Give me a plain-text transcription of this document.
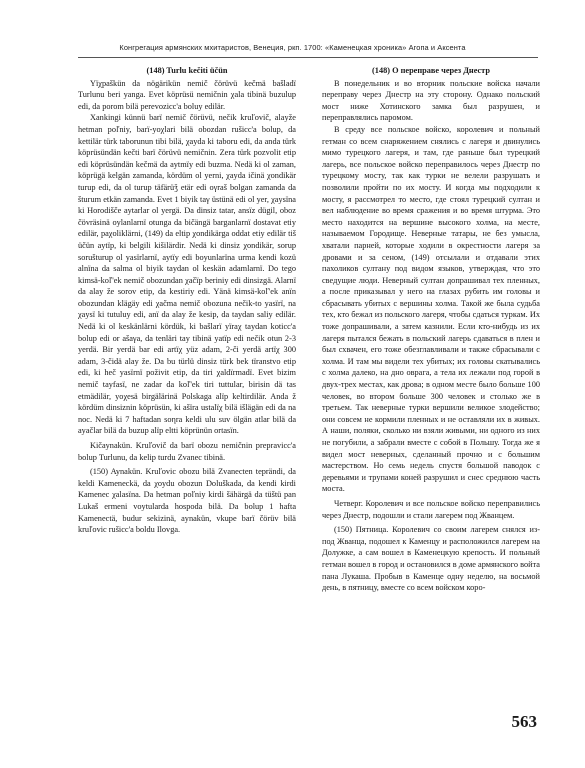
Конгрегация армянских мхитаристов, Венеция, ркп. 1700: «Каменецкая хроника» Агопа и Аксента

(148) Turlu kečiti üčün

Yïχpaškün da nögärikün nemič čörüvü kečmä bašladï Turlunu beri yanga. Evet köprüsü nemičnin χala tibinä buzulup edi, da porom bilä perevozicc'a boluy edilär.

Χankingi künnü barï nemič čörüvü, nečik kruľovič, alayže hetman poľniy, barï-yoχlari bilä obozdan rušicc'a bolup, da kettilär türk taborunun tibi bilä, χayda ki taboru edi, da anda türk köprüsündän kečti barï čörüvü nemičnin. Zera türk pozvolit etip edi köprüsündän kečmä da aytmïy edi buzma. Nedä ki ol zaman, köprügä kelgän zamanda, kördüm ol yerni, χayda ičinä χondikär turup edi, da ol turup täfärüǯ etär edi oγraš bolgan zamanda da šturum etkän zamanda. Evet 1 biyik taγ üstünä edi ol yer, χaysïna ki Horodišče aytarlar ol yergä. Da dinsiz tatar, ansïz dügil, oboz čövräsinä oylanlarnï otunga da bičängä barganlarnï dostavat etiy edilär, paχoliklärni, (149) da eltip χondikärga oddat etiy edilär tiš üčün aytïp, ki belgili kišilärdir. Nedä ki dinsiz χondikär, sorup sorušturup ol yasïrlarnï, aytïy edi boyunlarïna urma kendi kozü alnïna da salma ol biyik taydan ol keskän adamlarnï. Do tego kimsä-koľ'ek nemič obozundan χačïp beriniy edi dinsizgä. Alarnï da alay že sorov etip, da kestiriy edi. Yänä kimsä-koľ'ek anïn obozundan klägäy edi χačma nemič obozuna nečik-to yasïrï, na χaysï ki tutuluy edi, anï da alay že kesip, da taydan saliy edilär. Nedä ki ol keskänlärni kördük, ki bašlarï yïraχ taydan kotiсс'a bolup edi or ašaγa, da tenläri tay tibinä yatïp edi nečik otun 2-3 yerdä. Bir yerdä bar edi artïχ yüz adam, 2-či yerdä artïχ 300 adam, 3-čidä alay že. Da bu türlü dinsiz türk bek tïranstvo etip edi, ki heč yasïrnï poživit etip, da tiri χaldïrmadï. Evet bizim nemič tayfasï, ne zadar da koľ'ek tiri tuttular, birisin dä tas etmädilär, yoχesä birgälärinä Polskaga alïp keltirdilär. Anda ž kördüm dinsiznin köprüsün, ki ašïra ustalïχ bilä išlägän edi da na noc. Nedä ki 7 haftadan soηra keldi ulu suv ölgän atlar bilä da ayačlar bilä da buzup alïp eltti köprünün ortasïn.

Kičaynakün. Kruľovič da barï obozu nemičnin prepravicc'a bolup Turlunu, da kelip turdu Zvanec tibinä.

(150) Aynakün. Kruľovic obozu bilä Zvanecten teprändi, da keldi Kameneckä, da χoydu obozun Doluškada, da kendi kirdi Kamenec χalasïna. Da hetman poľniy kirdi šähärgä da tüštü pan Lukaš ermeni voytularda hospoda bilä. Da bolup 1 hafta Kameneсtä, budur sekizinä, aynakün, vkupe barï čörüv bilä kruľovic rušicc'a boldu Ilovga.

(148) О переправе через Днестр

В понедельник и во вторник польские войска начали переправу через Днестр на эту сторону. Однако польский мост ниже Хотинского замка был разрушен, и переправлялись паромом.

В среду все польское войско, королевич и польный гетман со всем снаряжением снялись с лагеря и двинулись мимо турецкого лагеря, и там, где раньше был турецкий лагерь, все польское войско переправилось через Днестр по турецкому мосту, так как турки не велели разрушать и позволили пройти по их мосту. И когда мы подходили к мосту, я рассмотрел то место, где стоял турецкий султан и вел наблюдение во время сражения и во время штурма. Это место находится на вершине высокого холма, на месте, называемом Городище. Неверные татары, не без умысла, хватали парней, которые ходили в окрестности лагеря за дровами и за сеном, (149) отсылали и отдавали этих пахоликов султану под видом языков, утверждая, что это сведущие люди. Неверный султан допрашивал тех пленных, а после приказывал у него на глазах рубить им головы и сбрасывать убитых с вершины холма. Такой же была судьба тех, кто бежал из польского лагеря, чтобы сдаться туркам. Их тоже допрашивали, а затем казнили. Если кто-нибудь из их лагеря пытался бежать в польский лагерь сдаваться в плен и был схвачен, его тоже обезглавливали и также сбрасывали с холма. И там мы видели тех убитых; их головы скатывались с холма далеко, на дно оврага, а тела их лежали под горой в двух-трех местах, как дрова; в одном месте было больше 100 человек, во втором больше 300 человек и столько же в третьем. Так неверные турки вершили великое злодейство; они совсем не кормили пленных и не оставляли их в живых. А наши, поляки, сколько ни взяли живыми, ни одного из них не погубили, а забрали вместе с собой в Польшу. Тогда же я видел мост неверных, сделанный прочно и с большим мастерством. Но семь недель спустя большой паводок с деревьями и трупами коней разрушил и снес среднюю часть моста.

Четверг. Королевич и все польское войско переправились через Днестр, подошли и стали лагерем под Жванцем.

(150) Пятница. Королевич со своим лагерем снялся из-под Жванца, подошел к Каменцу и расположился лагерем на Долужке, а сам вошел в Каменецкую крепость. И польный гетман вошел в город и остановился в доме армянского войта пана Лукаша. Пробыв в Каменце одну неделю, на восьмой день, в пятницу, вместе со всем войском коро-

563
